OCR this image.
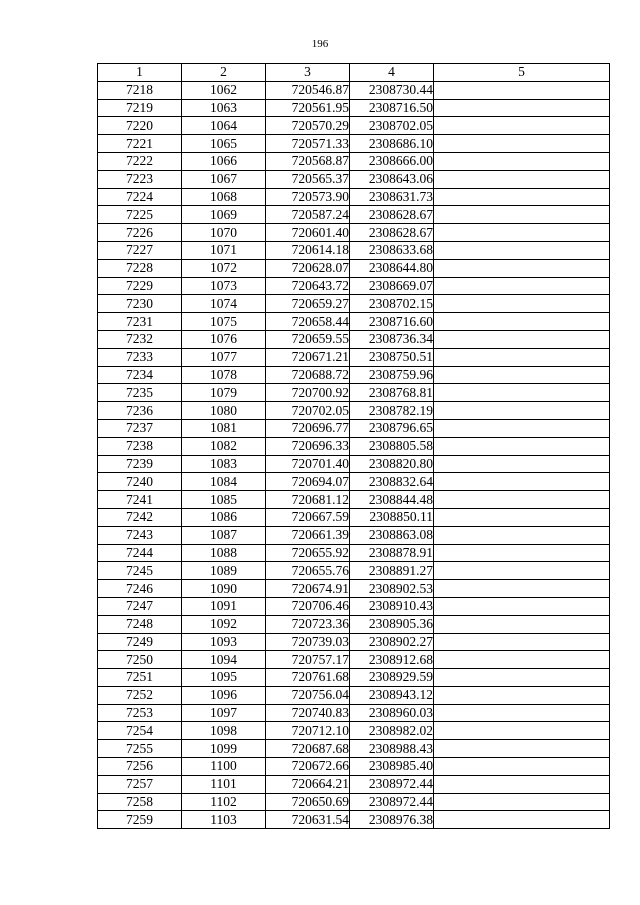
196
1	2	3	4	5
7218	1062	720546.87	2308730.44	
7219	1063	720561.95	2308716.50	
7220	1064	720570.29	2308702.05	
7221	1065	720571.33	2308686.10	
7222	1066	720568.87	2308666.00	
7223	1067	720565.37	2308643.06	
7224	1068	720573.90	2308631.73	
7225	1069	720587.24	2308628.67	
7226	1070	720601.40	2308628.67	
7227	1071	720614.18	2308633.68	
7228	1072	720628.07	2308644.80	
7229	1073	720643.72	2308669.07	
7230	1074	720659.27	2308702.15	
7231	1075	720658.44	2308716.60	
7232	1076	720659.55	2308736.34	
7233	1077	720671.21	2308750.51	
7234	1078	720688.72	2308759.96	
7235	1079	720700.92	2308768.81	
7236	1080	720702.05	2308782.19	
7237	1081	720696.77	2308796.65	
7238	1082	720696.33	2308805.58	
7239	1083	720701.40	2308820.80	
7240	1084	720694.07	2308832.64	
7241	1085	720681.12	2308844.48	
7242	1086	720667.59	2308850.11	
7243	1087	720661.39	2308863.08	
7244	1088	720655.92	2308878.91	
7245	1089	720655.76	2308891.27	
7246	1090	720674.91	2308902.53	
7247	1091	720706.46	2308910.43	
7248	1092	720723.36	2308905.36	
7249	1093	720739.03	2308902.27	
7250	1094	720757.17	2308912.68	
7251	1095	720761.68	2308929.59	
7252	1096	720756.04	2308943.12	
7253	1097	720740.83	2308960.03	
7254	1098	720712.10	2308982.02	
7255	1099	720687.68	2308988.43	
7256	1100	720672.66	2308985.40	
7257	1101	720664.21	2308972.44	
7258	1102	720650.69	2308972.44	
7259	1103	720631.54	2308976.38	
